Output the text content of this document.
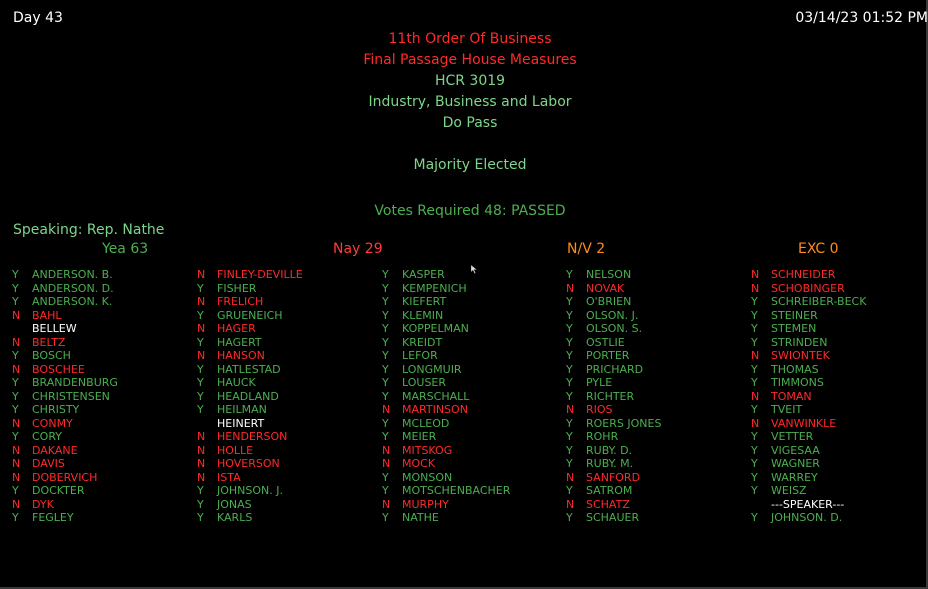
Day 43	03/14/23 01:52 PM
11th Order Of Business
Final Passage House Measures
HCR 3019
Industry, Business and Labor
Do Pass
Majority Elected
Votes Required 48: PASSED
Speaking: Rep. Nathe
Yea 63	Nay 29	N/V 2	EXC 0
Y	ANDERSON. B.
Y	ANDERSON. D.
Y	ANDERSON. K.
N	BAHL
BELLEW
N	BELTZ
Y	BOSCH
N	BOSCHEE
Y	BRANDENBURG
Y	CHRISTENSEN
Y	CHRISTY
N	CONMY
Y	CORY
N	DAKANE
N	DAVIS
N	DOBERVICH
Y	DOCKTER
N	DYK
Y	FEGLEY
N	FINLEY-DEVILLE
Y	FISHER
N	FRELICH
Y	GRUENEICH
N	HAGER
Y	HAGERT
N	HANSON
Y	HATLESTAD
Y	HAUCK
Y	HEADLAND
Y	HEILMAN
HEINERT
N	HENDERSON
N	HOLLE
N	HOVERSON
N	ISTA
Y	JOHNSON. J.
Y	JONAS
Y	KARLS
Y	KASPER
Y	KEMPENICH
Y	KIEFERT
Y	KLEMIN
Y	KOPPELMAN
Y	KREIDT
Y	LEFOR
Y	LONGMUIR
Y	LOUSER
Y	MARSCHALL
N	MARTINSON
Y	MCLEOD
Y	MEIER
N	MITSKOG
N	MOCK
Y	MONSON
Y	MOTSCHENBACHER
N	MURPHY
Y	NATHE
Y	NELSON
N	NOVAK
Y	O'BRIEN
Y	OLSON. J.
Y	OLSON. S.
Y	OSTLIE
Y	PORTER
Y	PRICHARD
Y	PYLE
Y	RICHTER
N	RIOS
Y	ROERS JONES
Y	ROHR
Y	RUBY. D.
Y	RUBY. M.
N	SANFORD
Y	SATROM
N	SCHATZ
Y	SCHAUER
N	SCHNEIDER
N	SCHOBINGER
Y	SCHREIBER-BECK
Y	STEINER
Y	STEMEN
Y	STRINDEN
N	SWIONTEK
Y	THOMAS
Y	TIMMONS
N	TOMAN
Y	TVEIT
N	VANWINKLE
Y	VETTER
Y	VIGESAA
Y	WAGNER
Y	WARREY
Y	WEISZ
---SPEAKER---
Y	JOHNSON. D.
